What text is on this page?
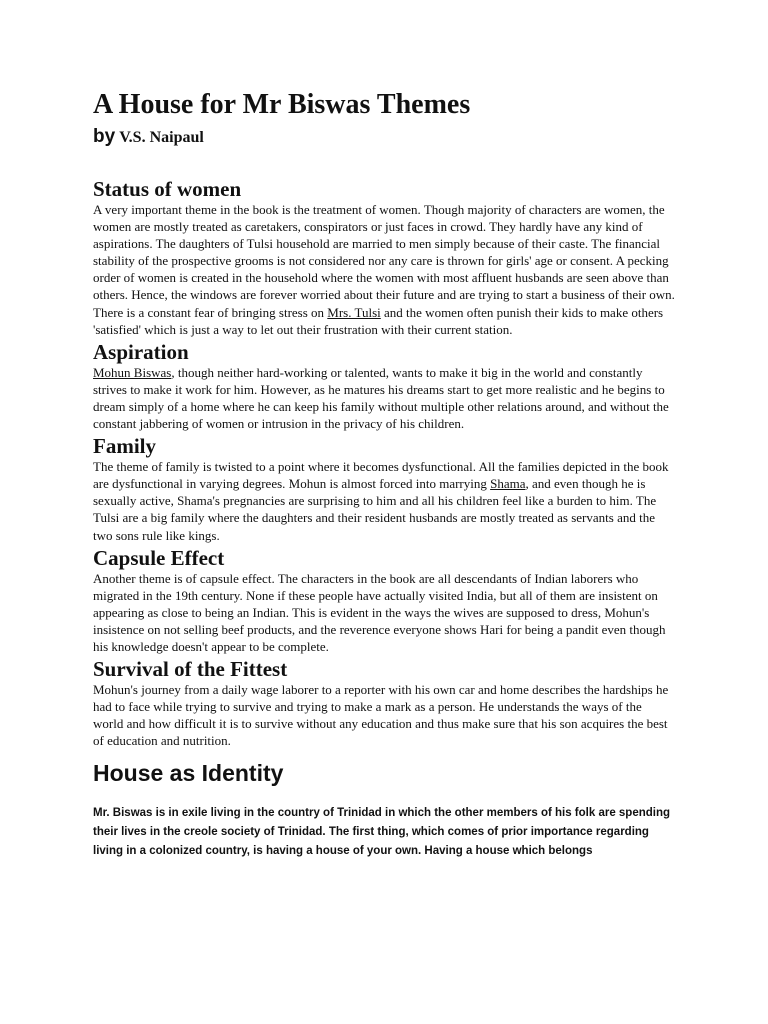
A House for Mr Biswas Themes

by V.S. Naipaul

Status of women

A very important theme in the book is the treatment of women. Though majority of characters are women, the women are mostly treated as caretakers, conspirators or just faces in crowd. They hardly have any kind of aspirations. The daughters of Tulsi household are married to men simply because of their caste. The financial stability of the prospective grooms is not considered nor any care is thrown for girls' age or consent. A pecking order of women is created in the household where the women with most affluent husbands are seen above than others. Hence, the windows are forever worried about their future and are trying to start a business of their own. There is a constant fear of bringing stress on Mrs. Tulsi and the women often punish their kids to make others 'satisfied' which is just a way to let out their frustration with their current station.

Aspiration

Mohun Biswas, though neither hard-working or talented, wants to make it big in the world and constantly strives to make it work for him. However, as he matures his dreams start to get more realistic and he begins to dream simply of a home where he can keep his family without multiple other relations around, and without the constant jabbering of women or intrusion in the privacy of his children.

Family

The theme of family is twisted to a point where it becomes dysfunctional. All the families depicted in the book are dysfunctional in varying degrees. Mohun is almost forced into marrying Shama, and even though he is sexually active, Shama's pregnancies are surprising to him and all his children feel like a burden to him. The Tulsi are a big family where the daughters and their resident husbands are mostly treated as servants and the two sons rule like kings.

Capsule Effect

Another theme is of capsule effect. The characters in the book are all descendants of Indian laborers who migrated in the 19th century. None if these people have actually visited India, but all of them are insistent on appearing as close to being an Indian. This is evident in the ways the wives are supposed to dress, Mohun's insistence on not selling beef products, and the reverence everyone shows Hari for being a pandit even though his knowledge doesn't appear to be complete.

Survival of the Fittest

Mohun's journey from a daily wage laborer to a reporter with his own car and home describes the hardships he had to face while trying to survive and trying to make a mark as a person. He understands the ways of the world and how difficult it is to survive without any education and thus make sure that his son acquires the best of education and nutrition.

House as Identity

Mr. Biswas is in exile living in the country of Trinidad in which the other members of his folk are spending their lives in the creole society of Trinidad. The first thing, which comes of prior importance regarding living in a colonized country, is having a house of your own. Having a house which belongs
